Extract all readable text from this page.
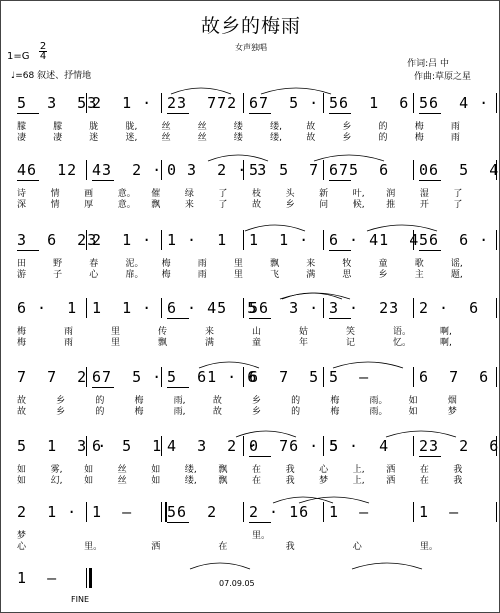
故乡的梅雨
女声独唱
1=G
2
4
♩=68 叙述、抒情地
作词:吕 中
作曲:草原之星
5  3  53
2  1 · 23  772 67  5 · 56  1  6 56  4 ·
朦	朦	胧	胧,	丝	丝	缕	缕,	故	乡	的	梅	雨
凄	凄	迷	迷,	丝	丝	缕	缕,	故	乡	的	梅	雨
46  12 43  2 · 0 3  2 · 3
5  5  7 675  6 06  5  4
诗	情	画	意。 催	绿	了	枝	头	新	叶, 润	湿	了
深	情	厚	意。 飘	来	了	故	乡	问	候, 推	开	了
3  6  23
2  1 · 1 ·  1 1  1 · 6 · 41  4 56  6 ·
田	野	春	泥。 梅	雨	里	飘	来	牧	童	歌	谣,
游	子	心	扉。 梅	雨	里	飞	满	思	乡	主	题,
6 ·  1 1  1 · 6 · 45  5
56  3 · 3 ·  23 2 ·  6
梅	雨	里	传	来	山	姑	笑	语。	啊,
梅	雨	里	飘	满	童	年	记	忆。	啊,
7  7  2 67  5 · 5  61 · 6
6  7  5 5  –	6  7  6
故	乡	的	梅	雨,	故	乡	的	梅	雨。 如	烟
故	乡	的	梅	雨,	故	乡	的	梅	雨。 如	梦
5  1  3 ·
6  5  1 4  3  2 ·
0  76 · 5
5 ·  4 23  2  6
如	雾, 如	丝	如	缕, 飘	在	我	心	上, 洒	在	我
如	幻, 如	丝	如	缕, 飘	在	我	梦	上, 洒	在	我
2  1 · 1  – 56  2 2 · 16 1  –	1  –
梦	里。
心	里。	洒	在	我	心	里。
1  –	07.09.05
FINE
